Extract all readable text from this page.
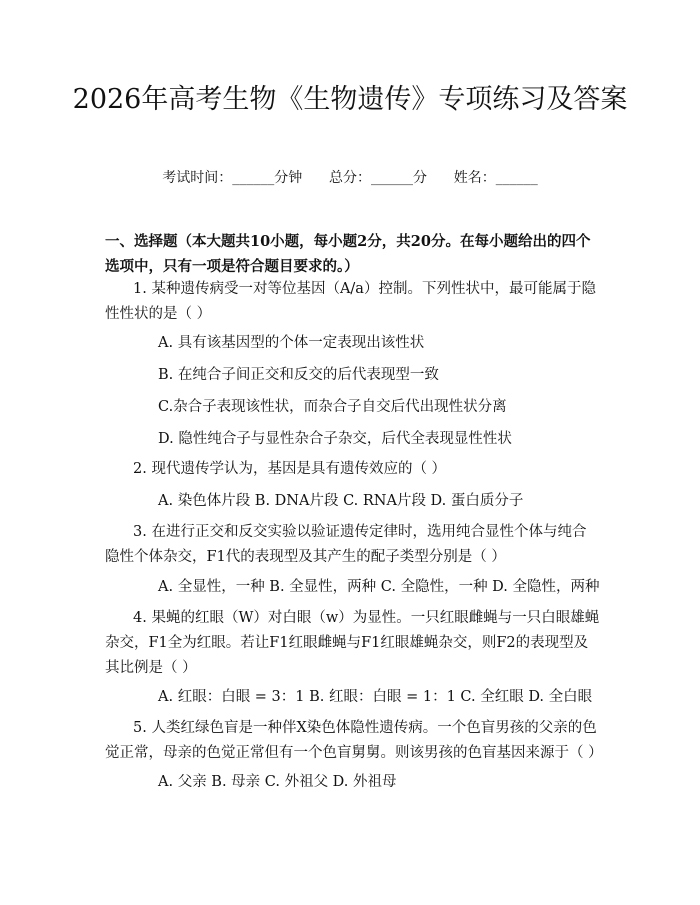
2026年高考生物《生物遗传》专项练习及答案
考试时间：______分钟      总分：______分      姓名：______

一、选择题（本大题共10小题，每小题2分，共20分。在每小题给出的四个选项中，只有一项是符合题目要求的。）

1. 某种遗传病受一对等位基因（A/a）控制。下列性状中，最可能属于隐性性状的是（ ）

A. 具有该基因型的个体一定表现出该性状

B. 在纯合子间正交和反交的后代表现型一致

C.杂合子表现该性状，而杂合子自交后代出现性状分离

D. 隐性纯合子与显性杂合子杂交，后代全表现显性性状

2. 现代遗传学认为，基因是具有遗传效应的（ ）

A. 染色体片段 B. DNA片段 C. RNA片段 D. 蛋白质分子

3. 在进行正交和反交实验以验证遗传定律时，选用纯合显性个体与纯合隐性个体杂交，F1代的表现型及其产生的配子类型分别是（ ）

A. 全显性，一种 B. 全显性，两种 C. 全隐性，一种 D. 全隐性，两种

4. 果蝇的红眼（W）对白眼（w）为显性。一只红眼雌蝇与一只白眼雄蝇杂交，F1全为红眼。若让F1红眼雌蝇与F1红眼雄蝇杂交，则F2的表现型及其比例是（ ）

A. 红眼：白眼 = 3：1 B. 红眼：白眼 = 1：1 C. 全红眼 D. 全白眼

5. 人类红绿色盲是一种伴X染色体隐性遗传病。一个色盲男孩的父亲的色觉正常，母亲的色觉正常但有一个色盲舅舅。则该男孩的色盲基因来源于（ ）

A. 父亲 B. 母亲 C. 外祖父 D. 外祖母
